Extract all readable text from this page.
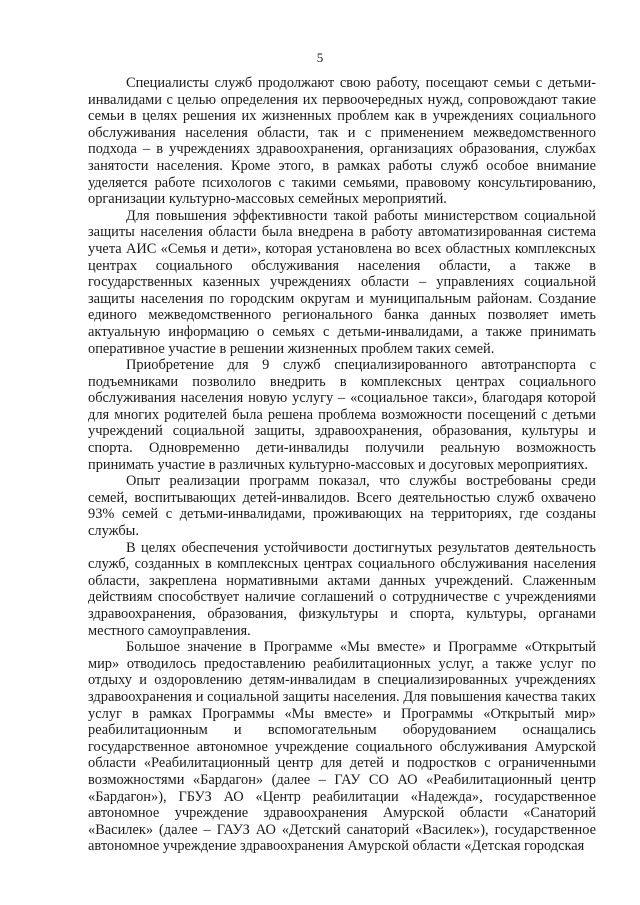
5

Специалисты служб продолжают свою работу, посещают семьи с детьми-инвалидами с целью определения их первоочередных нужд, сопровождают такие семьи в целях решения их жизненных проблем как в учреждениях социального обслуживания населения области, так и с применением межведомственного подхода – в учреждениях здравоохранения, организациях образования, службах занятости населения. Кроме этого, в рамках работы служб особое внимание уделяется работе психологов с такими семьями, правовому консультированию, организации культурно-массовых семейных мероприятий.

Для повышения эффективности такой работы министерством социальной защиты населения области была внедрена в работу автоматизированная система учета АИС «Семья и дети», которая установлена во всех областных комплексных центрах социального обслуживания населения области, а также в государственных казенных учреждениях области – управлениях социальной защиты населения по городским округам и муниципальным районам. Создание единого межведомственного регионального банка данных позволяет иметь актуальную информацию о семьях с детьми-инвалидами, а также принимать оперативное участие в решении жизненных проблем таких семей.

Приобретение для 9 служб специализированного автотранспорта с подъемниками позволило внедрить в комплексных центрах социального обслуживания населения новую услугу – «социальное такси», благодаря которой для многих родителей была решена проблема возможности посещений с детьми учреждений социальной защиты, здравоохранения, образования, культуры и спорта. Одновременно дети-инвалиды получили реальную возможность принимать участие в различных культурно-массовых и досуговых мероприятиях.

Опыт реализации программ показал, что службы востребованы среди семей, воспитывающих детей-инвалидов. Всего деятельностью служб охвачено 93% семей с детьми-инвалидами, проживающих на территориях, где созданы службы.

В целях обеспечения устойчивости достигнутых результатов деятельность служб, созданных в комплексных центрах социального обслуживания населения области, закреплена нормативными актами данных учреждений. Слаженным действиям способствует наличие соглашений о сотрудничестве с учреждениями здравоохранения, образования, физкультуры и спорта, культуры, органами местного самоуправления.

Большое значение в Программе «Мы вместе» и Программе «Открытый мир» отводилось предоставлению реабилитационных услуг, а также услуг по отдыху и оздоровлению детям-инвалидам в специализированных учреждениях здравоохранения и социальной защиты населения. Для повышения качества таких услуг в рамках Программы «Мы вместе» и Программы «Открытый мир» реабилитационным и вспомогательным оборудованием оснащались государственное автономное учреждение социального обслуживания Амурской области «Реабилитационный центр для детей и подростков с ограниченными возможностями «Бардагон» (далее – ГАУ СО АО «Реабилитационный центр «Бардагон»), ГБУЗ АО «Центр реабилитации «Надежда», государственное автономное учреждение здравоохранения Амурской области «Санаторий «Василек» (далее – ГАУЗ АО «Детский санаторий «Василек»), государственное автономное учреждение здравоохранения Амурской области «Детская городская
